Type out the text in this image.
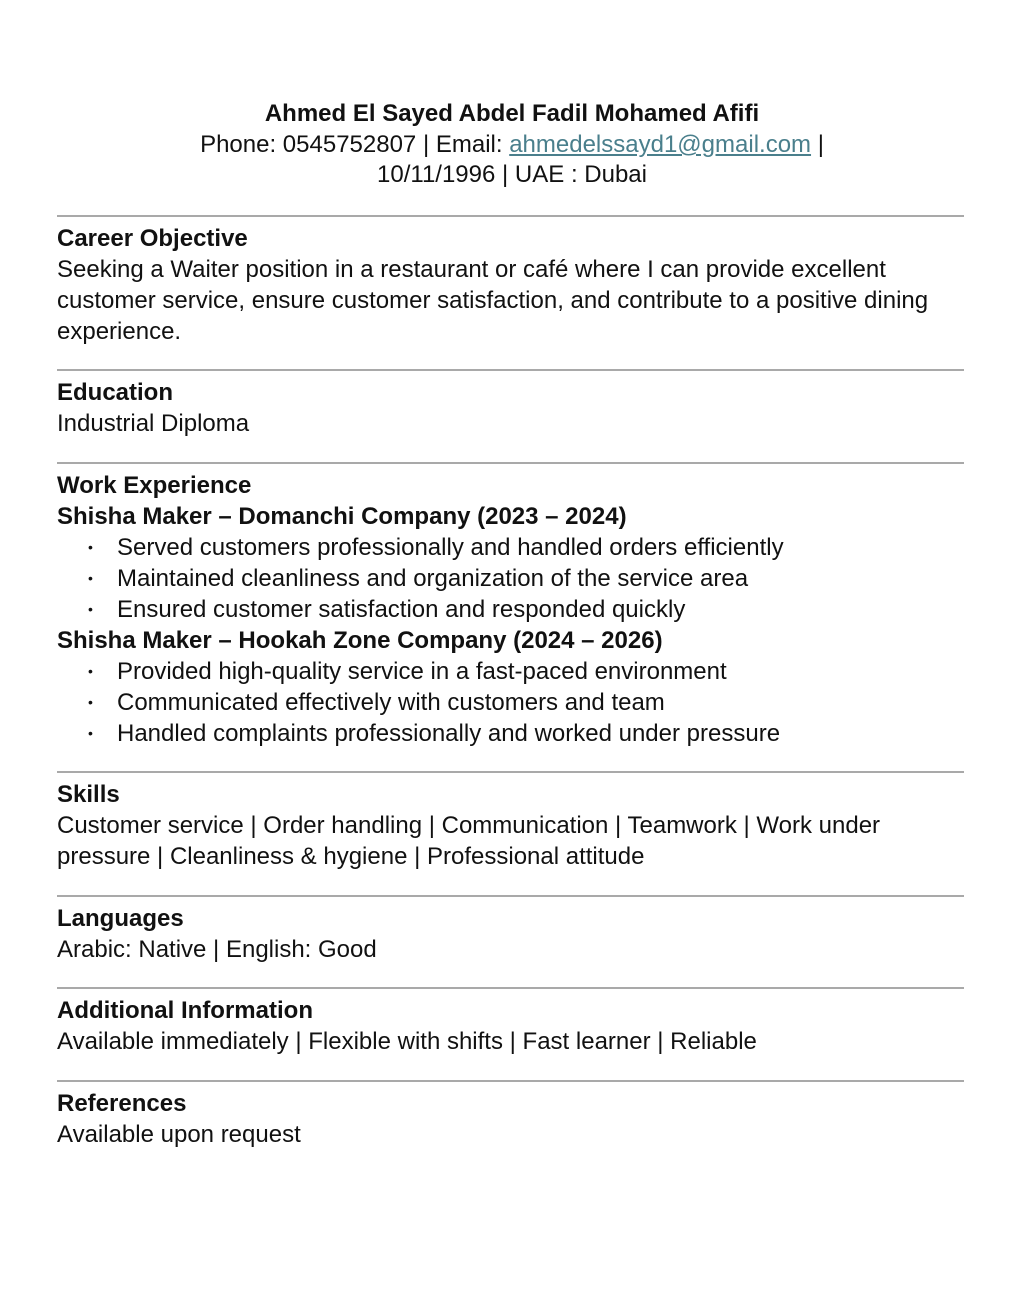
Ahmed El Sayed Abdel Fadil Mohamed Afifi
Phone: 0545752807 | Email: ahmedelssayd1@gmail.com |
10/11/1996 | UAE : Dubai
Career Objective
Seeking a Waiter position in a restaurant or café where I can provide excellent customer service, ensure customer satisfaction, and contribute to a positive dining experience.
Education
Industrial Diploma
Work Experience
Shisha Maker – Domanchi Company (2023 – 2024)
• Served customers professionally and handled orders efficiently
• Maintained cleanliness and organization of the service area
• Ensured customer satisfaction and responded quickly
Shisha Maker – Hookah Zone Company (2024 – 2026)
• Provided high-quality service in a fast-paced environment
• Communicated effectively with customers and team
• Handled complaints professionally and worked under pressure
Skills
Customer service | Order handling | Communication | Teamwork | Work under pressure | Cleanliness & hygiene | Professional attitude
Languages
Arabic: Native | English: Good
Additional Information
Available immediately | Flexible with shifts | Fast learner | Reliable
References
Available upon request
